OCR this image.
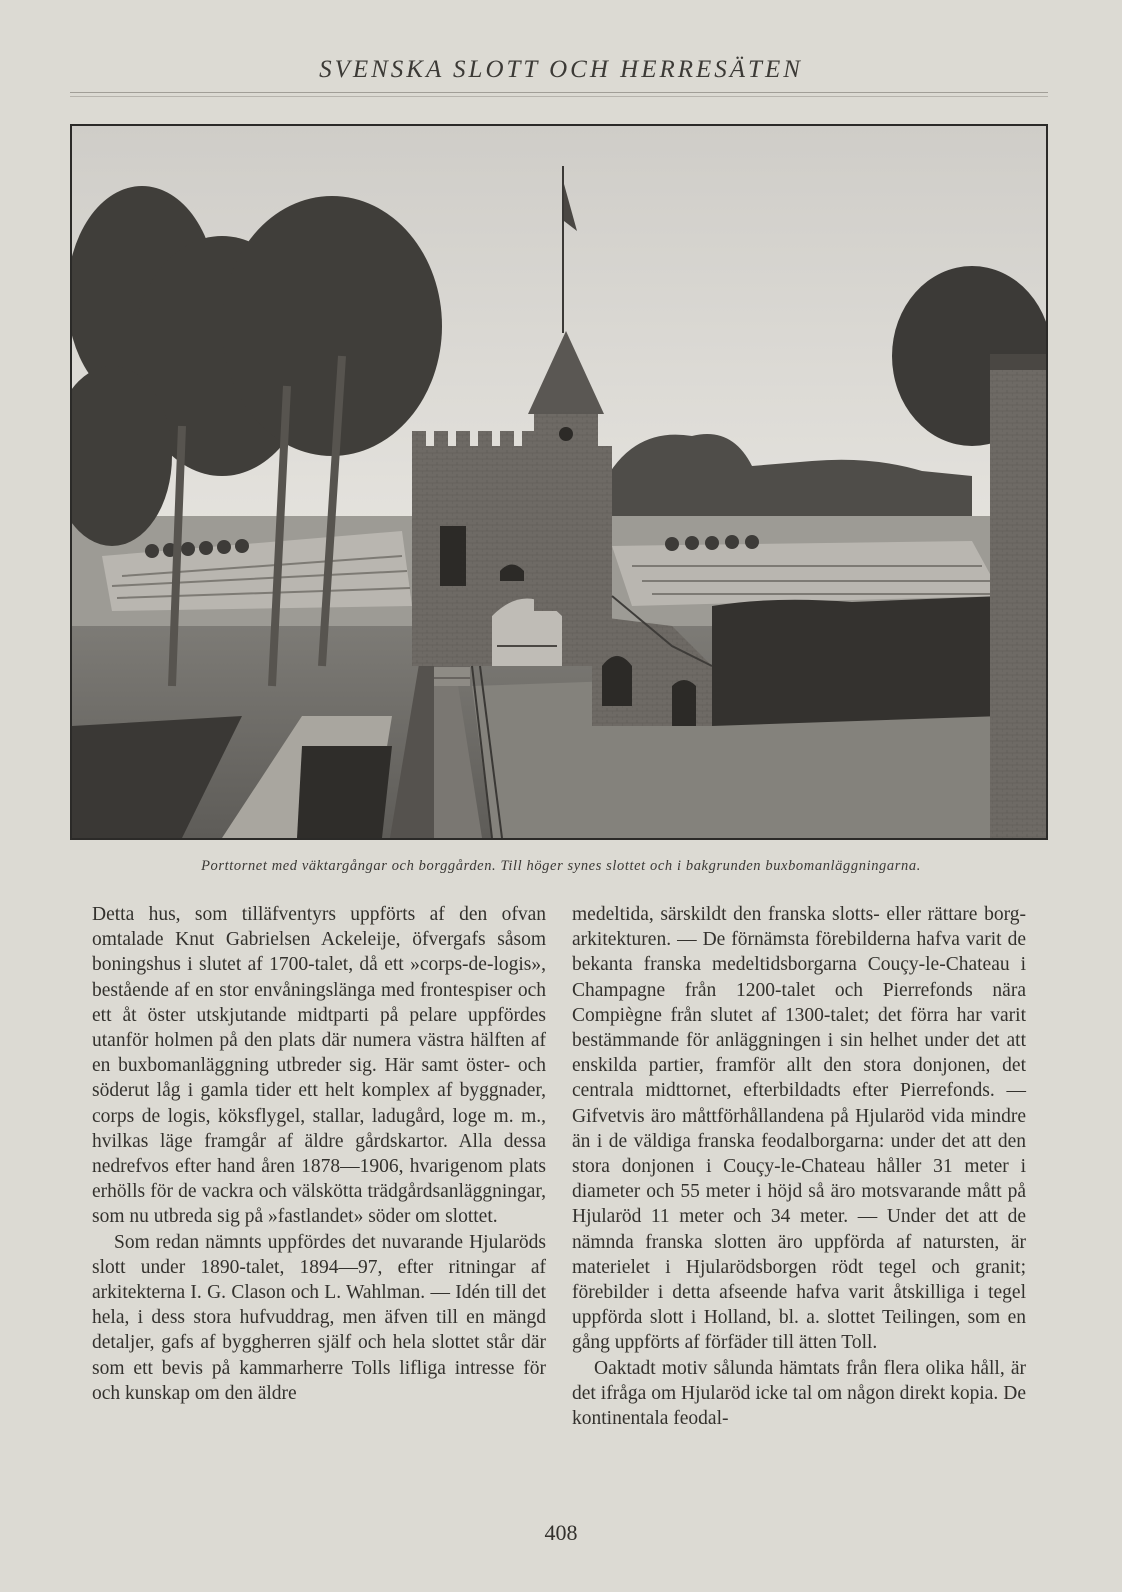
SVENSKA SLOTT OCH HERRESÄTEN
Porttornet med väktargångar och borggården. Till höger synes slottet och i bakgrunden buxbomanläggningarna.

Detta hus, som tilläfventyrs uppförts af den ofvan omtalade Knut Gabrielsen Ackeleije, öfvergafs såsom boningshus i slutet af 1700-talet, då ett »corps-de-logis», bestående af en stor envåningslänga med frontespiser och ett åt öster utskjutande midtparti på pelare uppfördes utanför holmen på den plats där numera västra hälften af en buxbomanläggning utbreder sig. Här samt öster- och söderut låg i gamla tider ett helt komplex af byggnader, corps de logis, köksflygel, stallar, ladugård, loge m. m., hvilkas läge framgår af äldre gårdskartor. Alla dessa nedrefvos efter hand åren 1878—1906, hvarigenom plats erhölls för de vackra och välskötta trädgårdsanläggningar, som nu utbreda sig på »fastlandet» söder om slottet.

Som redan nämnts uppfördes det nuvarande Hjularöds slott under 1890-talet, 1894—97, efter ritningar af arkitekterna I. G. Clason och L. Wahlman. — Idén till det hela, i dess stora hufvuddrag, men äfven till en mängd detaljer, gafs af byggherren själf och hela slottet står där som ett bevis på kammarherre Tolls lifliga intresse för och kunskap om den äldre

medeltida, särskildt den franska slotts- eller rättare borg-arkitekturen. — De förnämsta förebilderna hafva varit de bekanta franska medeltidsborgarna Couçy-le-Chateau i Champagne från 1200-talet och Pierrefonds nära Compiègne från slutet af 1300-talet; det förra har varit bestämmande för anläggningen i sin helhet under det att enskilda partier, framför allt den stora donjonen, det centrala midttornet, efterbildadts efter Pierrefonds. — Gifvetvis äro måttförhållandena på Hjularöd vida mindre än i de väldiga franska feodalborgarna: under det att den stora donjonen i Couçy-le-Chateau håller 31 meter i diameter och 55 meter i höjd så äro motsvarande mått på Hjularöd 11 meter och 34 meter. — Under det att de nämnda franska slotten äro uppförda af natursten, är materielet i Hjularödsborgen rödt tegel och granit; förebilder i detta afseende hafva varit åtskilliga i tegel uppförda slott i Holland, bl. a. slottet Teilingen, som en gång uppförts af förfäder till ätten Toll.

Oaktadt motiv sålunda hämtats från flera olika håll, är det ifråga om Hjularöd icke tal om någon direkt kopia. De kontinentala feodal-

408
